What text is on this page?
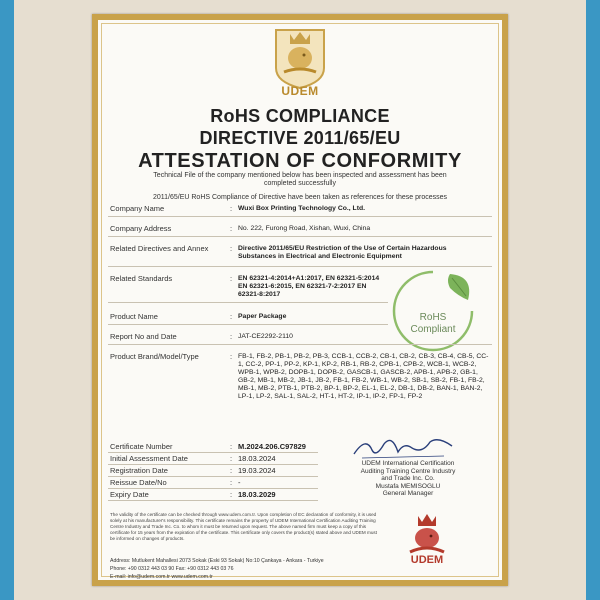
UDEM
RoHS COMPLIANCE
DIRECTIVE 2011/65/EU
ATTESTATION OF CONFORMITY
Technical File of the company mentioned below has been inspected and assessment has been
completed successfully
2011/65/EU RoHS Compliance of Directive have been taken as references for these processes
Company Name	: Wuxi Box Printing Technology Co., Ltd.
Company Address	: No. 222, Furong Road, Xishan, Wuxi, China
Related Directives and Annex	: Directive 2011/65/EU Restriction of the Use of Certain Hazardous Substances in Electrical and Electronic Equipment
Related Standards	: EN 62321-4:2014+A1:2017, EN 62321-5:2014 EN 62321-6:2015, EN 62321-7-2:2017 EN 62321-8:2017
RoHS
Compliant
Product Name	: Paper Package
Report No and Date	: JAT-CE2292-2110
Product Brand/Model/Type	: FB-1, FB-2, PB-1, PB-2, PB-3, CCB-1, CCB-2, CB-1, CB-2, CB-3, CB-4, CB-5, CC-1, CC-2, PP-1, PP-2, KP-1, KP-2, RB-1, RB-2, CPB-1, CPB-2, WCB-1, WCB-2, WPB-1, WPB-2, DOPB-1, DOPB-2, GASCB-1, GASCB-2, APB-1, APB-2, GB-1, GB-2, MB-1, MB-2, JB-1, JB-2, FB-1, FB-2, WB-1, WB-2, SB-1, SB-2, FB-1, FB-2, MB-1, MB-2, PTB-1, PTB-2, BP-1, BP-2, EL-1, EL-2, DB-1, DB-2, BAN-1, BAN-2, LP-1, LP-2, SAL-1, SAL-2, HT-1, HT-2, IP-1, IP-2, FP-1, FP-2
UDEM International Certification
Auditing Training Centre Industry
and Trade Inc. Co.
Mustafa MEMISOGLU
General Manager
Certificate Number	: M.2024.206.C97829
Initial Assessment Date	: 18.03.2024
Registration Date	: 19.03.2024
Reissue Date/No	: -
Expiry Date	: 18.03.2029
The validity of the certificate can be checked through www.udem.com.tr. Upon completion of EC declaration of conformity, it is used solely at his manufacturer's responsibility. This certificate remains the property of UDEM International Certification Auditing Training Centre Industry and Trade Inc. Co. to whom it must be returned upon request. The above named firm must keep a copy of this certificate for 15 years from the expiration of the certificate. This certificate only covers the product(s) stated above and UDEM must be informed on changes of products.
UDEM
Address: Mutlukent Mahallesi 2073 Sokak (Eski 93 Sokak) No:10 Çankaya - Ankara - Turkiye
Phone: +90 0312 443 03 90 Fax: +90 0312 443 03 76
E-mail: info@udem.com.tr www.udem.com.tr
